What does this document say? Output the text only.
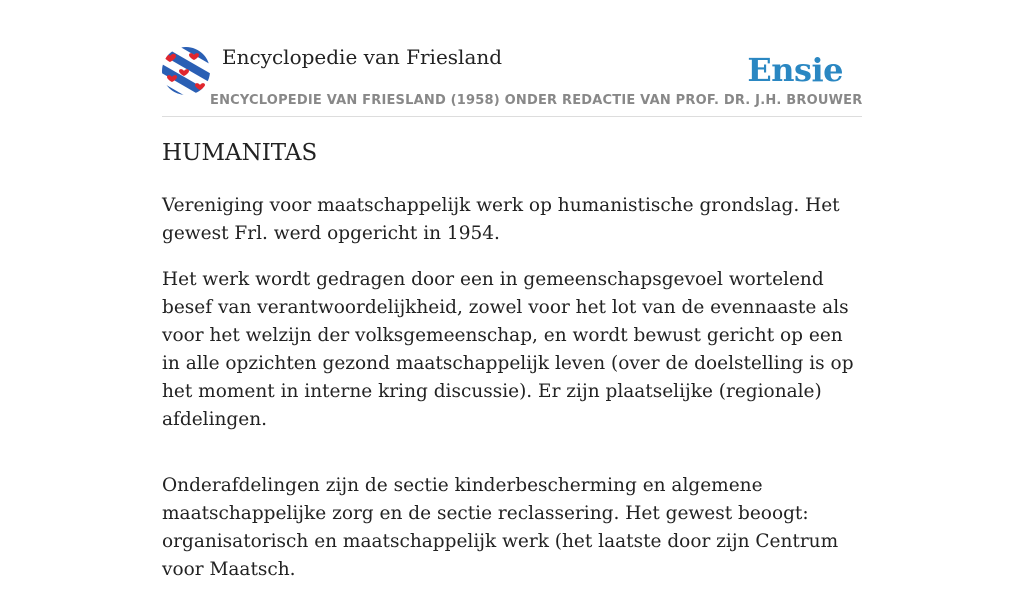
Encyclopedie van Friesland	Ensie
ENCYCLOPEDIE VAN FRIESLAND (1958) ONDER REDACTIE VAN PROF. DR. J.H. BROUWER
HUMANITAS

Vereniging voor maatschappelijk werk op humanistische grondslag. Het gewest Frl. werd opgericht in 1954.

Het werk wordt gedragen door een in gemeenschapsgevoel wortelend besef van verantwoordelijkheid, zowel voor het lot van de evennaaste als voor het welzijn der volksgemeenschap, en wordt bewust gericht op een in alle opzichten gezond maatschappelijk leven (over de doelstelling is op het moment in interne kring discussie). Er zijn plaatselijke (regionale) afdelingen.

Onderafdelingen zijn de sectie kinderbescherming en algemene maatschappelijke zorg en de sectie reclassering. Het gewest beoogt: organisatorisch en maatschappelijk werk (het laatste door zijn Centrum voor Maatsch.
